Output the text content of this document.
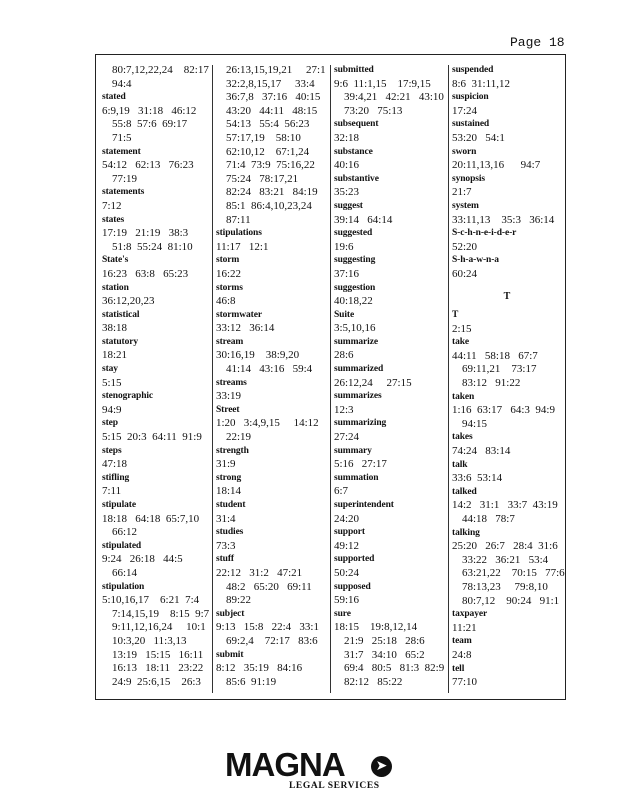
Page 18
80:7,12,22,24    82:17
94:4
stated
6:9,19   31:18   46:12
55:8  57:6  69:17
71:5
statement
54:12   62:13   76:23
77:19
statements
7:12
states
17:19   21:19   38:3
51:8  55:24  81:10
State's
16:23   63:8   65:23
station
36:12,20,23
statistical
38:18
statutory
18:21
stay
5:15
stenographic
94:9
step
5:15  20:3  64:11  91:9
steps
47:18
stifling
7:11
stipulate
18:18   64:18  65:7,10
66:12
stipulated
9:24   26:18   44:5
66:14
stipulation
5:10,16,17    6:21  7:4
7:14,15,19    8:15  9:7
9:11,12,16,24     10:1
10:3,20   11:3,13
13:19   15:15   16:11
16:13   18:11   23:22
24:9  25:6,15    26:3
26:13,15,19,21     27:1
32:2,8,15,17     33:4
36:7,8   37:16   40:15
43:20   44:11   48:15
54:13   55:4  56:23
57:17,19    58:10
62:10,12    67:1,24
71:4  73:9  75:16,22
75:24   78:17,21
82:24   83:21   84:19
85:1  86:4,10,23,24
87:11
stipulations
11:17   12:1
storm
16:22
storms
46:8
stormwater
33:12   36:14
stream
30:16,19    38:9,20
41:14   43:16   59:4
streams
33:19
Street
1:20   3:4,9,15     14:12
22:19
strength
31:9
strong
18:14
student
31:4
studies
73:3
stuff
22:12   31:2   47:21
48:2   65:20   69:11
89:22
subject
9:13   15:8   22:4   33:1
69:2,4    72:17   83:6
submit
8:12   35:19   84:16
85:6  91:19
submitted
9:6  11:1,15    17:9,15
39:4,21   42:21   43:10
73:20   75:13
subsequent
32:18
substance
40:16
substantive
35:23
suggest
39:14   64:14
suggested
19:6
suggesting
37:16
suggestion
40:18,22
Suite
3:5,10,16
summarize
28:6
summarized
26:12,24     27:15
summarizes
12:3
summarizing
27:24
summary
5:16   27:17
summation
6:7
superintendent
24:20
support
49:12
supported
50:24
supposed
59:16
sure
18:15    19:8,12,14
21:9   25:18   28:6
31:7   34:10   65:2
69:4   80:5   81:3  82:9
82:12   85:22
suspended
8:6  31:11,12
suspicion
17:24
sustained
53:20   54:1
sworn
20:11,13,16      94:7
synopsis
21:7
system
33:11,13    35:3   36:14
S-c-h-n-e-i-d-e-r
52:20
S-h-a-w-n-a
60:24
T
T
2:15
take
44:11   58:18   67:7
69:11,21    73:17
83:12   91:22
taken
1:16  63:17   64:3  94:9
94:15
takes
74:24   83:14
talk
33:6  53:14
talked
14:2   31:1   33:7  43:19
44:18   78:7
talking
25:20   26:7   28:4  31:6
33:22   36:21   53:4
63:21,22    70:15   77:6
78:13,23     79:8,10
80:7,12    90:24   91:1
taxpayer
11:21
team
24:8
tell
77:10
MAGNA	➤
LEGAL SERVICES
